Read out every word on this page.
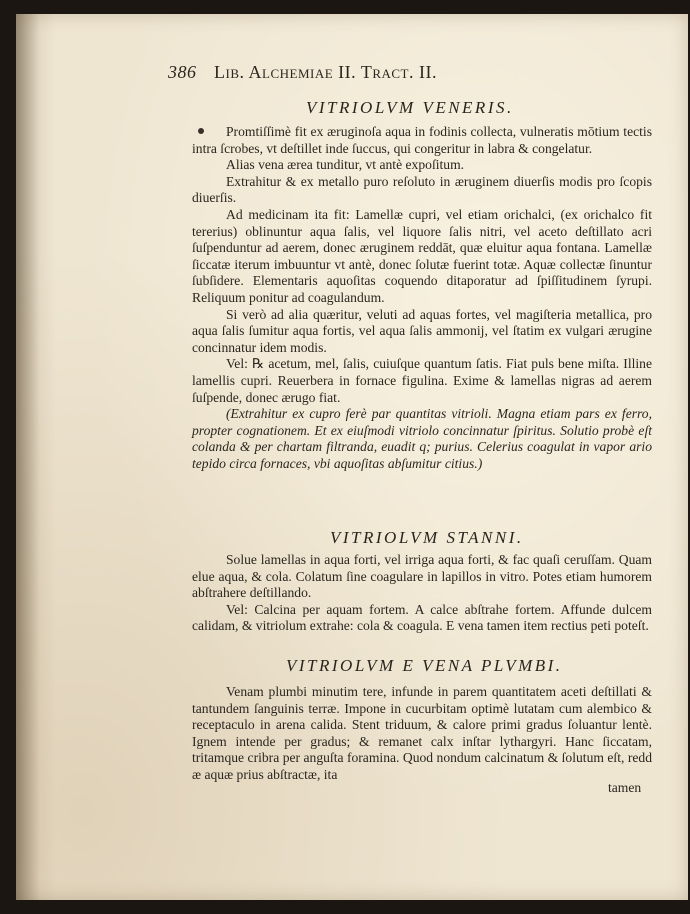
386 Lib. Alchemiae II. Tract. II.
VITRIOLVM VENERIS.

Promtiſſimè fit ex æruginoſa aqua in fodinis collecta, vulneratis mōtium tectis intra ſcrobes, vt deſtillet inde ſuccus, qui congeritur in labra & congelatur.

Alias vena ærea tunditur, vt antè expoſitum.

Extrahitur & ex metallo puro reſoluto in æruginem diuerſis modis pro ſcopis diuerſis.

Ad medicinam ita fit: Lamellæ cupri, vel etiam orichalci, (ex orichalco fit tererius) oblinuntur aqua ſalis, vel liquore ſalis nitri, vel aceto deſtillato acri ſuſpenduntur ad aerem, donec æruginem reddāt, quæ eluitur aqua fontana. Lamellæ ſiccatæ iterum imbuuntur vt antè, donec ſolutæ fuerint totæ. Aquæ collectæ ſinuntur ſubſidere. Elementaris aquoſitas coquendo ditaporatur ad ſpiſſitudinem ſyrupi. Reliquum ponitur ad coagulandum.

Si verò ad alia quæritur, veluti ad aquas fortes, vel magiſteria metallica, pro aqua ſalis ſumitur aqua fortis, vel aqua ſalis ammonij, vel ſtatim ex vulgari ærugine concinnatur idem modis.

Vel: ℞ acetum, mel, ſalis, cuiuſque quantum ſatis. Fiat puls bene miſta. Illine lamellis cupri. Reuerbera in fornace figulina. Exime & lamellas nigras ad aerem ſuſpende, donec ærugo fiat.

(Extrahitur ex cupro ferè par quantitas vitrioli. Magna etiam pars ex ferro, propter cognationem. Et ex eiuſmodi vitriolo concinnatur ſpiritus. Solutio probè eſt colanda & per chartam filtranda, euadit q; purius. Celerius coagulat in vapor ario tepido circa fornaces, vbi aquoſitas abſumitur citius.)

VITRIOLVM STANNI.

Solue lamellas in aqua forti, vel irriga aqua forti, & fac quaſi ceruſſam. Quam elue aqua, & cola. Colatum ſine coagulare in lapillos in vitro. Potes etiam humorem abſtrahere deſtillando.

Vel: Calcina per aquam fortem. A calce abſtrahe fortem. Affunde dulcem calidam, & vitriolum extrahe: cola & coagula. E vena tamen item rectius peti poteſt.

VITRIOLVM E VENA PLVMBI.

Venam plumbi minutim tere, infunde in parem quantitatem aceti deſtillati & tantundem ſanguinis terræ. Impone in cucurbitam optimè lutatam cum alembico & receptaculo in arena calida. Stent triduum, & calore primi gradus ſoluantur lentè. Ignem intende per gradus; & remanet calx inſtar lythargyri. Hanc ſiccatam, tritamque cribra per anguſta foramina. Quod nondum calcinatum & ſolutum eſt, redd æ aquæ prius abſtractæ, ita

tamen
